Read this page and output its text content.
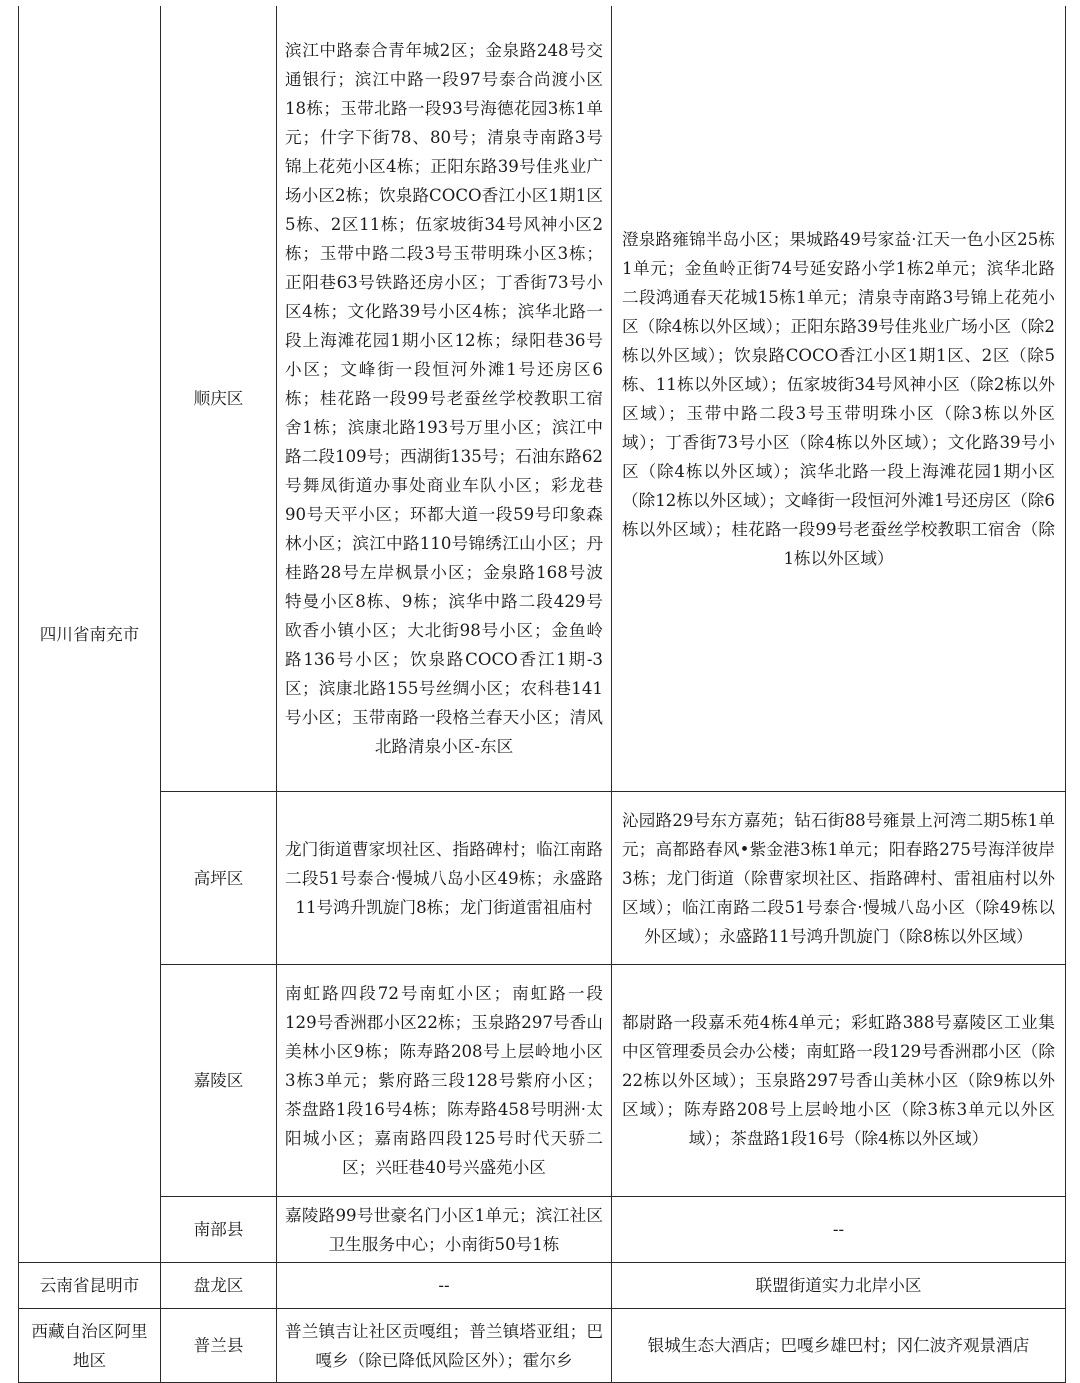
四川省南充市
云南省昆明市
西藏自治区阿里地区
顺庆区
滨江中路泰合青年城2区；金泉路248号交通银行；滨江中路一段97号泰合尚渡小区18栋；玉带北路一段93号海德花园3栋1单元；什字下街78、80号；清泉寺南路3号锦上花苑小区4栋；正阳东路39号佳兆业广场小区2栋；饮泉路COCO香江小区1期1区5栋、2区11栋；伍家坡街34号风神小区2栋；玉带中路二段3号玉带明珠小区3栋；正阳巷63号铁路还房小区；丁香街73号小区4栋；文化路39号小区4栋；滨华北路一段上海滩花园1期小区12栋；绿阳巷36号小区；文峰街一段恒河外滩1号还房区6栋；桂花路一段99号老蚕丝学校教职工宿舍1栋；滨康北路193号万里小区；滨江中路二段109号；西湖街135号；石油东路62号舞凤街道办事处商业车队小区；彩龙巷90号天平小区；环都大道一段59号印象森林小区；滨江中路110号锦绣江山小区；丹桂路28号左岸枫景小区；金泉路168号波特曼小区8栋、9栋；滨华中路二段429号欧香小镇小区；大北街98号小区；金鱼岭路136号小区；饮泉路COCO香江1期-3区；滨康北路155号丝绸小区；农科巷141号小区；玉带南路一段格兰春天小区；清风北路清泉小区-东区
澄泉路雍锦半岛小区；果城路49号家益·江天一色小区25栋1单元；金鱼岭正街74号延安路小学1栋2单元；滨华北路二段鸿通春天花城15栋1单元；清泉寺南路3号锦上花苑小区（除4栋以外区域）；正阳东路39号佳兆业广场小区（除2栋以外区域）；饮泉路COCO香江小区1期1区、2区（除5栋、11栋以外区域）；伍家坡街34号风神小区（除2栋以外区域）；玉带中路二段3号玉带明珠小区（除3栋以外区域）；丁香街73号小区（除4栋以外区域）；文化路39号小区（除4栋以外区域）；滨华北路一段上海滩花园1期小区（除12栋以外区域）；文峰街一段恒河外滩1号还房区（除6栋以外区域）；桂花路一段99号老蚕丝学校教职工宿舍（除1栋以外区域）
高坪区
龙门街道曹家坝社区、指路碑村；临江南路二段51号泰合·慢城八岛小区49栋；永盛路11号鸿升凯旋门8栋；龙门街道雷祖庙村
沁园路29号东方嘉苑；钻石街88号雍景上河湾二期5栋1单元；高都路春风•紫金港3栋1单元；阳春路275号海洋彼岸3栋；龙门街道（除曹家坝社区、指路碑村、雷祖庙村以外区域）；临江南路二段51号泰合·慢城八岛小区（除49栋以外区域）；永盛路11号鸿升凯旋门（除8栋以外区域）
嘉陵区
南虹路四段72号南虹小区；南虹路一段129号香洲郡小区22栋；玉泉路297号香山美林小区9栋；陈寿路208号上层岭地小区3栋3单元；紫府路三段128号紫府小区；茶盘路1段16号4栋；陈寿路458号明洲·太阳城小区；嘉南路四段125号时代天骄二区；兴旺巷40号兴盛苑小区
都尉路一段嘉禾苑4栋4单元；彩虹路388号嘉陵区工业集中区管理委员会办公楼；南虹路一段129号香洲郡小区（除22栋以外区域）；玉泉路297号香山美林小区（除9栋以外区域）；陈寿路208号上层岭地小区（除3栋3单元以外区域）；茶盘路1段16号（除4栋以外区域）
南部县
嘉陵路99号世豪名门小区1单元；滨江社区卫生服务中心；小南街50号1栋
--
盘龙区	--	联盟街道实力北岸小区
普兰县
普兰镇吉让社区贡嘎组；普兰镇塔亚组；巴嘎乡（除已降低风险区外）；霍尔乡
银城生态大酒店；巴嘎乡雄巴村；冈仁波齐观景酒店
